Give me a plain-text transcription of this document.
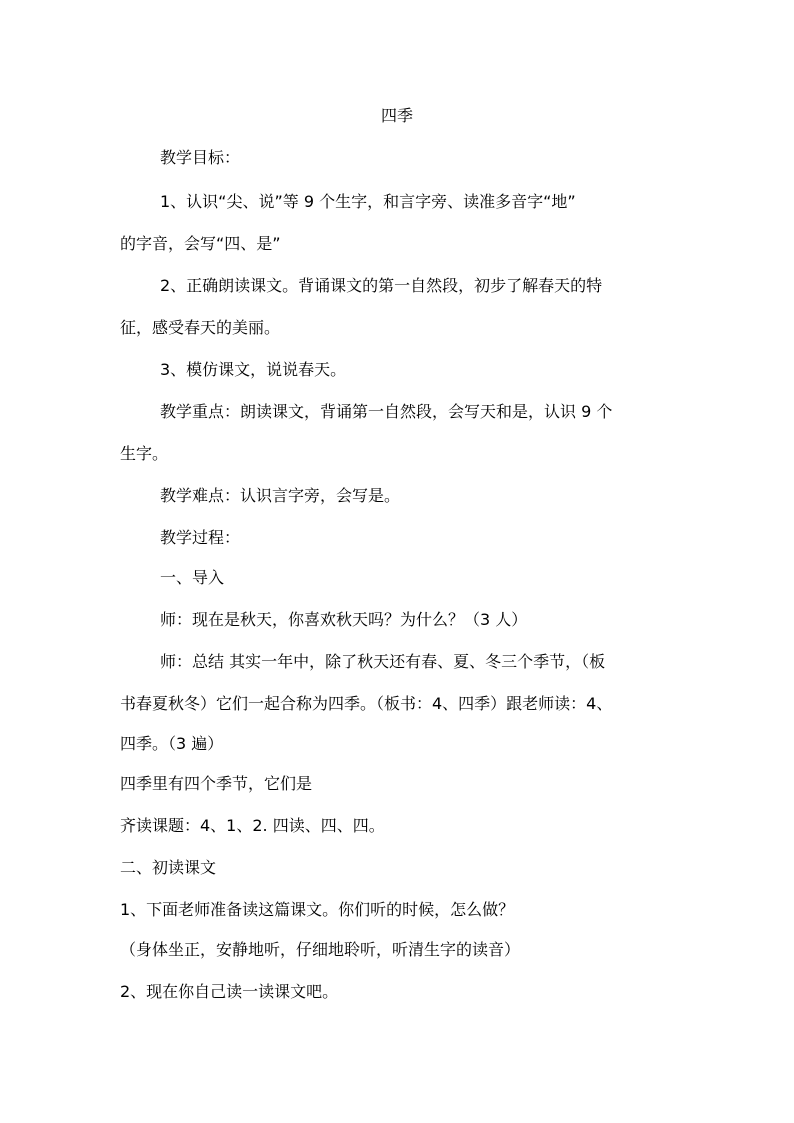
四季
教学目标：
1、认识“尖、说”等 9 个生字，和言字旁、读准多音字“地”
的字音，会写“四、是”
2、正确朗读课文。背诵课文的第一自然段，初步了解春天的特
征，感受春天的美丽。
3、模仿课文，说说春天。
教学重点：朗读课文，背诵第一自然段，会写天和是，认识 9 个
生字。
教学难点：认识言字旁，会写是。
教学过程：
一、导入
师：现在是秋天，你喜欢秋天吗？为什么？（3 人）
师：总结 其实一年中，除了秋天还有春、夏、冬三个季节，（板
书春夏秋冬）它们一起合称为四季。（板书：4、四季）跟老师读：4、
四季。（3 遍）
四季里有四个季节，它们是
齐读课题：4、1、2. 四读、四、四。
二、初读课文
1、下面老师准备读这篇课文。你们听的时候，怎么做？
（身体坐正，安静地听，仔细地聆听，听清生字的读音）
2、现在你自己读一读课文吧。
